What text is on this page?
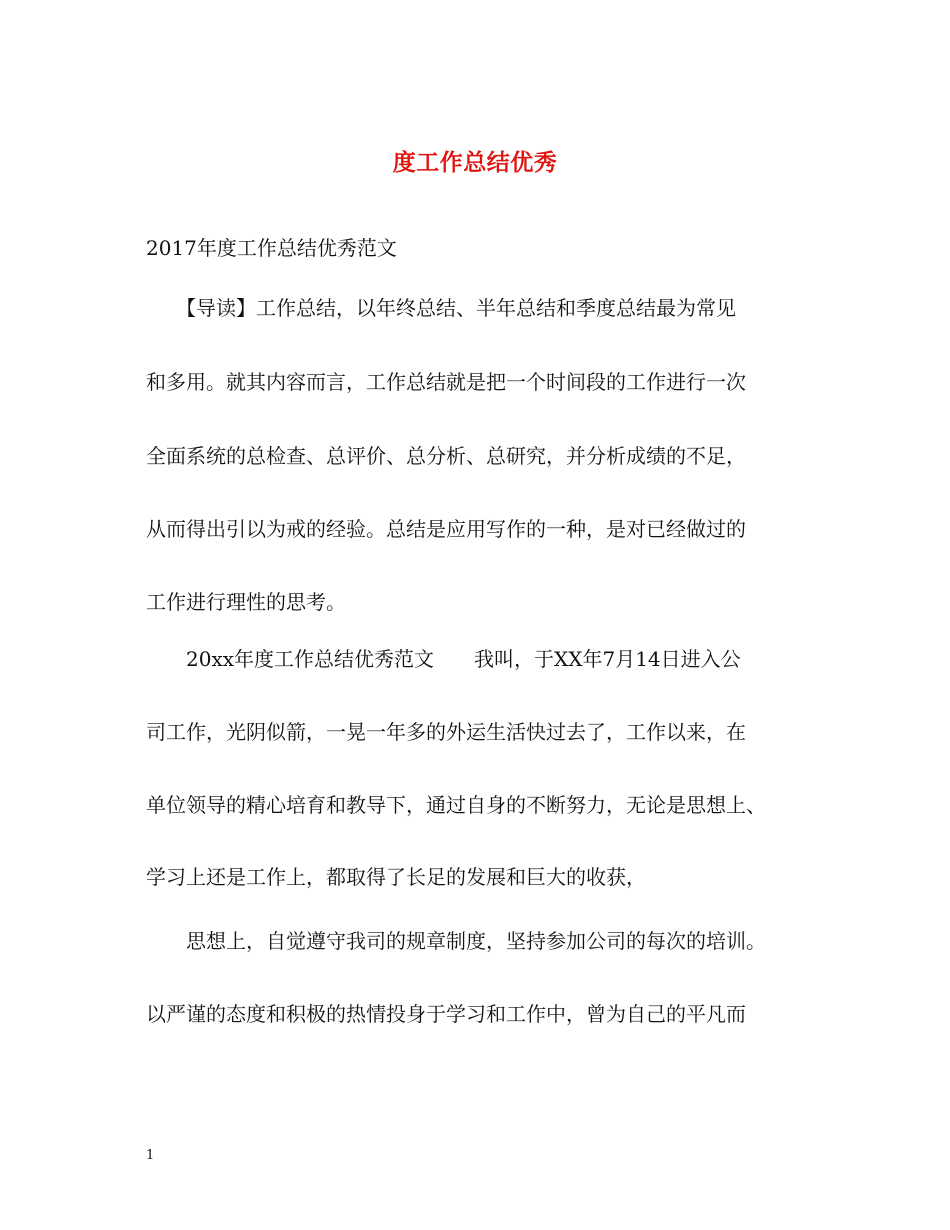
度工作总结优秀
2017年度工作总结优秀范文
　　【导读】工作总结，以年终总结、半年总结和季度总结最为常见
和多用。就其内容而言，工作总结就是把一个时间段的工作进行一次
全面系统的总检查、总评价、总分析、总研究，并分析成绩的不足，
从而得出引以为戒的经验。总结是应用写作的一种，是对已经做过的
工作进行理性的思考。
　　20xx年度工作总结优秀范文　　我叫，于XX年7月14日进入公
司工作，光阴似箭，一晃一年多的外运生活快过去了，工作以来，在
单位领导的精心培育和教导下，通过自身的不断努力，无论是思想上、
学习上还是工作上，都取得了长足的发展和巨大的收获，
　　思想上，自觉遵守我司的规章制度，坚持参加公司的每次的培训。
以严谨的态度和积极的热情投身于学习和工作中，曾为自己的平凡而
1
